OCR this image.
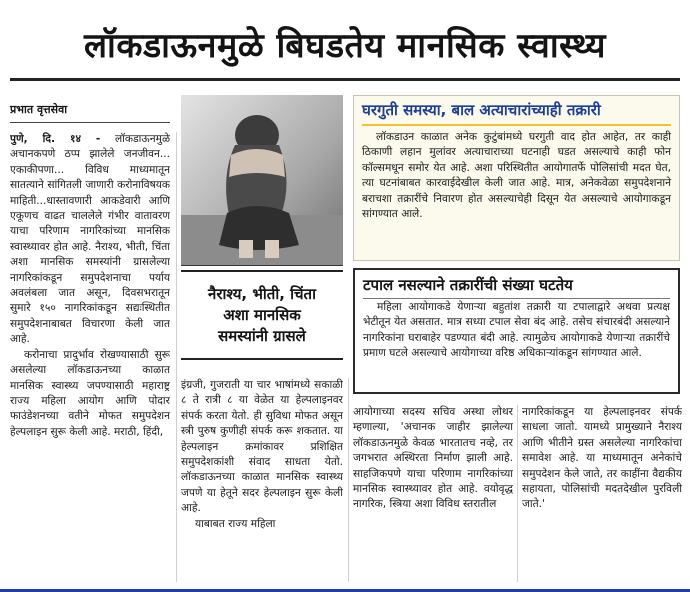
लॉकडाऊनमुळे बिघडतेय मानसिक स्वास्थ्य
प्रभात वृत्तसेवा

पुणे, दि. १४ - लॉकडाऊनमुळे अचानकपणे ठप्प झालेले जनजीवन... एकाकीपणा... विविध माध्यमातून सातत्याने सांगितली जाणारी करोनाविषयक माहिती...धास्तावणारी आकडेवारी आणि एकूणच वाढत चाललेले गंभीर वातावरण याचा परिणाम नागरिकांच्या मानसिक स्वास्थ्यावर होत आहे. नैराश्य, भीती, चिंता अशा मानसिक समस्यांनी ग्रासलेल्या नागरिकांकडून समुपदेशनाचा पर्याय अवलंबला जात असून, दिवसभरातून सुमारे १५० नागरिकांकडून सद्यःस्थितीत समुपदेशनाबाबत विचारणा केली जात आहे.

करोनाचा प्रादुर्भाव रोखण्यासाठी सुरू असलेल्या लॉकडाऊनच्या काळात मानसिक स्वास्थ्य जपण्यासाठी महाराष्ट्र राज्य महिला आयोग आणि पोदार फाउंडेशनच्या वतीने मोफत समुपदेशन हेल्पलाइन सुरू केली आहे. मराठी, हिंदी,

नैराश्य, भीती, चिंता
अशा मानसिक
समस्यांनी ग्रासले

इंग्रजी, गुजराती या चार भाषांमध्ये सकाळी ८ ते रात्री ८ या वेळेत या हेल्पलाइनवर संपर्क करता येतो. ही सुविधा मोफत असून स्त्री पुरुष कुणीही संपर्क करू शकतात. या हेल्पलाइन क्रमांकावर प्रशिक्षित समुपदेशकांशी संवाद साधता येतो. लॉकडाऊनच्या काळात मानसिक स्वास्थ्य जपणे या हेतूने सदर हेल्पलाइन सुरू केली आहे.

याबाबत राज्य महिला

घरगुती समस्या, बाल अत्याचारांच्याही तक्रारी

लॉकडाउन काळात अनेक कुटुंबांमध्ये घरगुती वाद होत आहेत, तर काही ठिकाणी लहान मुलांवर अत्याचाराच्या घटनाही घडत असल्याचे काही फोन कॉल्समधून समोर येत आहे. अशा परिस्थितीत आयोगातर्फे पोलिसांची मदत घेत, त्या घटनांबाबत कारवाईदेखील केली जात आहे. मात्र, अनेकवेळा समुपदेशनाने बराचशा तक्रारींचे निवारण होत असल्याचेही दिसून येत असल्याचे आयोगाकडून सांगण्यात आले.

टपाल नसल्याने तक्रारींची संख्या घटतेय

महिला आयोगाकडे येणाऱ्या बहुतांश तक्रारी या टपालाद्वारे अथवा प्रत्यक्ष भेटीतून येत असतात. मात्र सध्या टपाल सेवा बंद आहे. तसेच संचारबंदी असल्याने नागरिकांना घराबाहेर पडण्यात बंदी आहे. त्यामुळेच आयोगाकडे येणाऱ्या तक्रारींचे प्रमाण घटले असल्याचे आयोगाच्या वरिष्ठ अधिकाऱ्यांकडून सांगण्यात आले.

आयोगाच्या सदस्य सचिव अस्था लोथर म्हणाल्या, 'अचानक जाहीर झालेल्या लॉकडाऊनमुळे केवळ भारतातच नव्हे, तर जगभरात अस्थिरता निर्माण झाली आहे. साहजिकपणे याचा परिणाम नागरिकांच्या मानसिक स्वास्थ्यावर होत आहे. वयोवृद्ध नागरिक, स्त्रिया अशा विविध स्तरातील

नागरिकांकडून या हेल्पलाइनवर संपर्क साधला जातो. यामध्ये प्रामुख्याने नैराश्य आणि भीतीने ग्रस्त असलेल्या नागरिकांचा समावेश आहे. या माध्यमातून अनेकांचे समुपदेशन केले जाते, तर काहींना वैद्यकीय सहायता, पोलिसांची मदतदेखील पुरविली जाते.'
